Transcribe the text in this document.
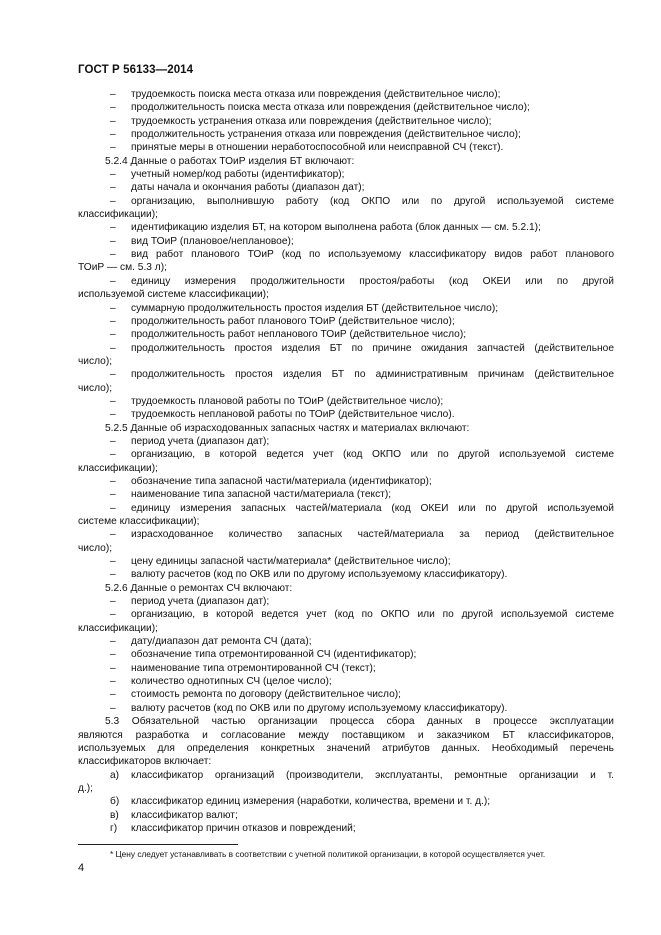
ГОСТ Р 56133—2014
– трудоемкость поиска места отказа или повреждения (действительное число);
– продолжительность поиска места отказа или повреждения (действительное число);
– трудоемкость устранения отказа или повреждения (действительное число);
– продолжительность устранения отказа или повреждения (действительное число);
– принятые меры в отношении неработоспособной или неисправной СЧ (текст).
5.2.4 Данные о работах ТОиР изделия БТ включают:
– учетный номер/код работы (идентификатор);
– даты начала и окончания работы (диапазон дат);
– организацию, выполнившую работу (код ОКПО или по другой используемой системе
классификации);
– идентификацию изделия БТ, на котором выполнена работа (блок данных — см. 5.2.1);
– вид ТОиР (плановое/неплановое);
– вид работ планового ТОиР (код по используемому классификатору видов работ планового
ТОиР — см. 5.3 л);
– единицу измерения продолжительности простоя/работы (код ОКЕИ или по другой
используемой системе классификации);
– суммарную продолжительность простоя изделия БТ (действительное число);
– продолжительность работ планового ТОиР (действительное число);
– продолжительность работ непланового ТОиР (действительное число);
– продолжительность простоя изделия БТ по причине ожидания запчастей (действительное
число);
– продолжительность простоя изделия БТ по административным причинам (действительное
число);
– трудоемкость плановой работы по ТОиР (действительное число);
– трудоемкость неплановой работы по ТОиР (действительное число).
5.2.5 Данные об израсходованных запасных частях и материалах включают:
– период учета (диапазон дат);
– организацию, в которой ведется учет (код ОКПО или по другой используемой системе
классификации);
– обозначение типа запасной части/материала (идентификатор);
– наименование типа запасной части/материала (текст);
– единицу измерения запасных частей/материала (код ОКЕИ или по другой используемой
системе классификации);
– израсходованное количество запасных частей/материала за период (действительное
число);
– цену единицы запасной части/материала* (действительное число);
– валюту расчетов (код по ОКВ или по другому используемому классификатору).
5.2.6 Данные о ремонтах СЧ включают:
– период учета (диапазон дат);
– организацию, в которой ведется учет (код по ОКПО или по другой используемой системе
классификации);
– дату/диапазон дат ремонта СЧ (дата);
– обозначение типа отремонтированной СЧ (идентификатор);
– наименование типа отремонтированной СЧ (текст);
– количество однотипных СЧ (целое число);
– стоимость ремонта по договору (действительное число);
– валюту расчетов (код по ОКВ или по другому используемому классификатору).
5.3 Обязательной частью организации процесса сбора данных в процессе эксплуатации
являются разработка и согласование между поставщиком и заказчиком БТ классификаторов,
используемых для определения конкретных значений атрибутов данных. Необходимый перечень
классификаторов включает:
а) классификатор организаций (производители, эксплуатанты, ремонтные организации и т.
д.);
б) классификатор единиц измерения (наработки, количества, времени и т. д.);
в) классификатор валют;
г) классификатор причин отказов и повреждений;
* Цену следует устанавливать в соответствии с учетной политикой организации, в которой осуществляется учет.
4
